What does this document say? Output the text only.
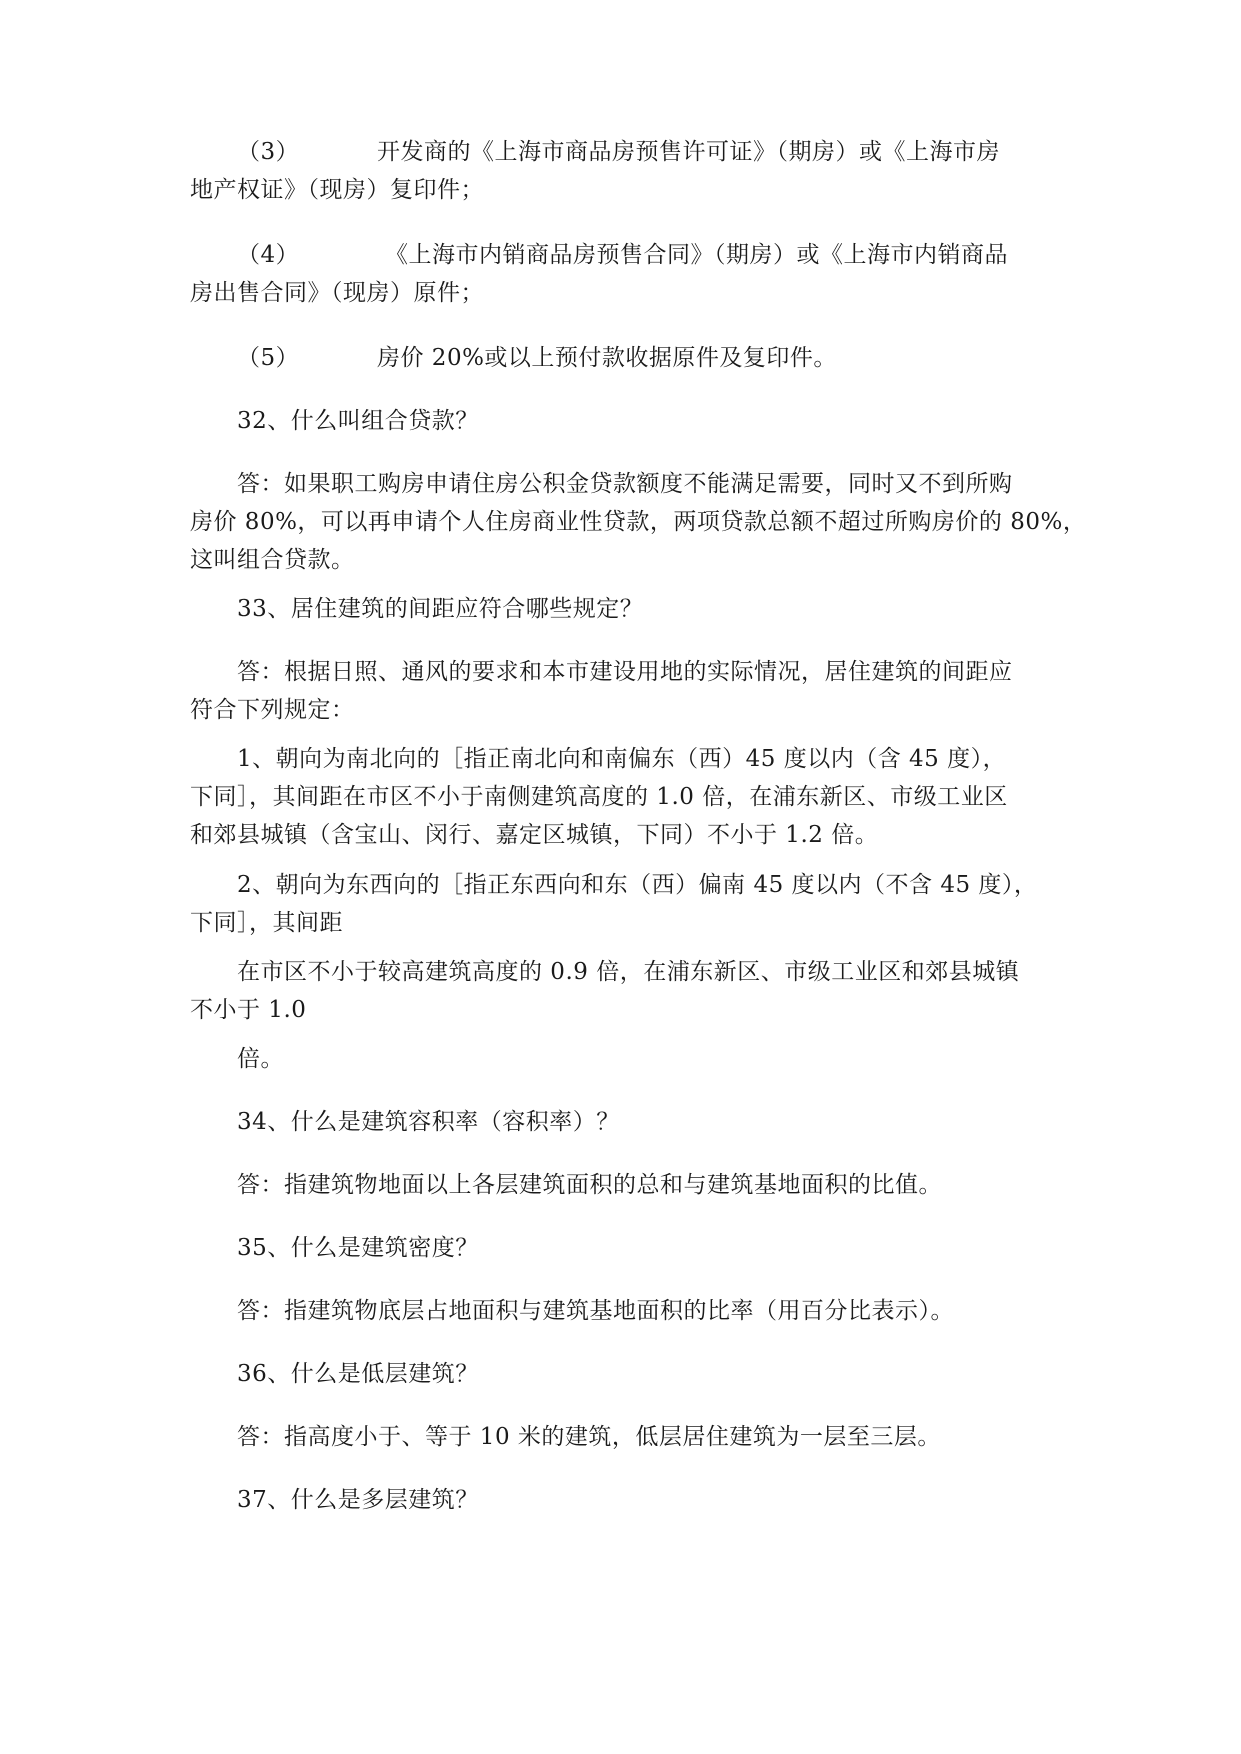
（3）	开发商的《上海市商品房预售许可证》（期房）或《上海市房
地产权证》（现房）复印件；
（4）	《上海市内销商品房预售合同》（期房）或《上海市内销商品
房出售合同》（现房）原件；
（5）	房价 20%或以上预付款收据原件及复印件。
32、什么叫组合贷款？
答：如果职工购房申请住房公积金贷款额度不能满足需要，同时又不到所购
房价 80%，可以再申请个人住房商业性贷款，两项贷款总额不超过所购房价的 80%，
这叫组合贷款。
33、居住建筑的间距应符合哪些规定？
答：根据日照、通风的要求和本市建设用地的实际情况，居住建筑的间距应
符合下列规定：
1、朝向为南北向的［指正南北向和南偏东（西）45 度以内（含 45 度），
下同］，其间距在市区不小于南侧建筑高度的 1.0 倍，在浦东新区、市级工业区
和郊县城镇（含宝山、闵行、嘉定区城镇，下同）不小于 1.2 倍。
2、朝向为东西向的［指正东西向和东（西）偏南 45 度以内（不含 45 度），
下同］，其间距
在市区不小于较高建筑高度的 0.9 倍，在浦东新区、市级工业区和郊县城镇
不小于 1.0
倍。
34、什么是建筑容积率（容积率）？
答：指建筑物地面以上各层建筑面积的总和与建筑基地面积的比值。
35、什么是建筑密度？
答：指建筑物底层占地面积与建筑基地面积的比率（用百分比表示）。
36、什么是低层建筑？
答：指高度小于、等于 10 米的建筑，低层居住建筑为一层至三层。
37、什么是多层建筑？
